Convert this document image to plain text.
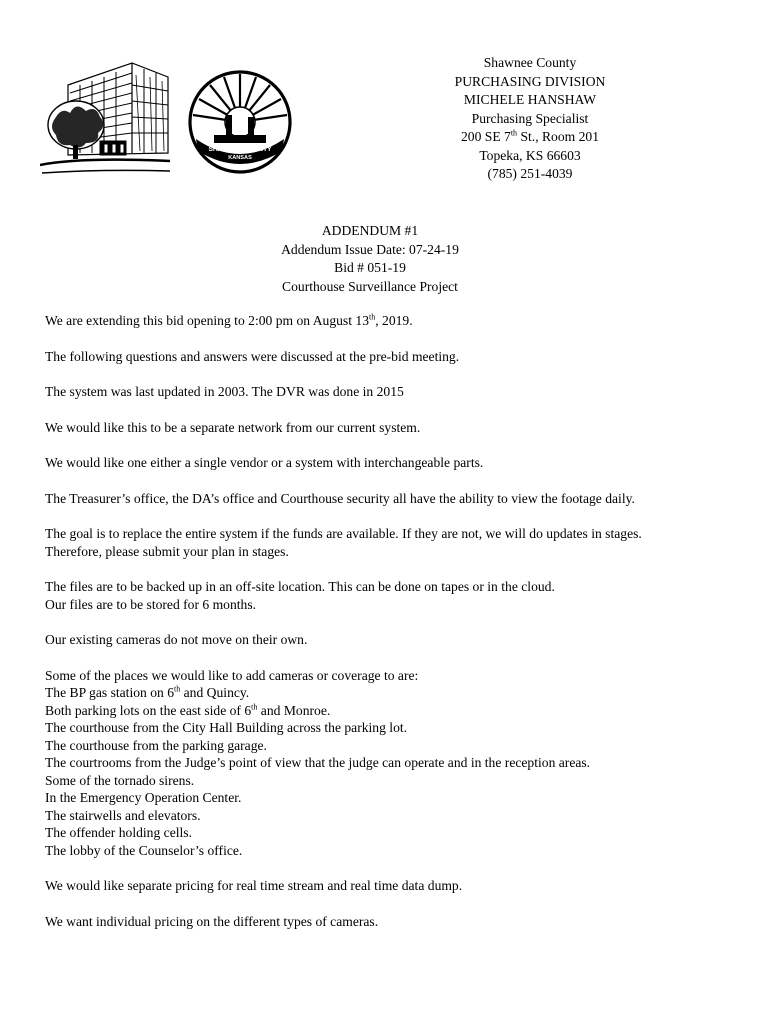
SHAWNEE COUNTY
KANSAS
Shawnee County
PURCHASING DIVISION
MICHELE HANSHAW
Purchasing Specialist
200 SE 7th St., Room 201
Topeka, KS 66603
(785) 251-4039
ADDENDUM #1
Addendum Issue Date: 07-24-19
Bid # 051-19
Courthouse Surveillance Project
We are extending this bid opening to 2:00 pm on August 13th, 2019.
The following questions and answers were discussed at the pre-bid meeting.
The system was last updated in 2003. The DVR was done in 2015
We would like this to be a separate network from our current system.
We would like one either a single vendor or a system with interchangeable parts.
The Treasurer’s office, the DA’s office and Courthouse security all have the ability to view the footage daily.
The goal is to replace the entire system if the funds are available. If they are not, we will do updates in stages.
Therefore, please submit your plan in stages.
The files are to be backed up in an off-site location. This can be done on tapes or in the cloud.
Our files are to be stored for 6 months.
Our existing cameras do not move on their own.
Some of the places we would like to add cameras or coverage to are:
The BP gas station on 6th and Quincy.
Both parking lots on the east side of 6th and Monroe.
The courthouse from the City Hall Building across the parking lot.
The courthouse from the parking garage.
The courtrooms from the Judge’s point of view that the judge can operate and in the reception areas.
Some of the tornado sirens.
In the Emergency Operation Center.
The stairwells and elevators.
The offender holding cells.
The lobby of the Counselor’s office.
We would like separate pricing for real time stream and real time data dump.
We want individual pricing on the different types of cameras.
